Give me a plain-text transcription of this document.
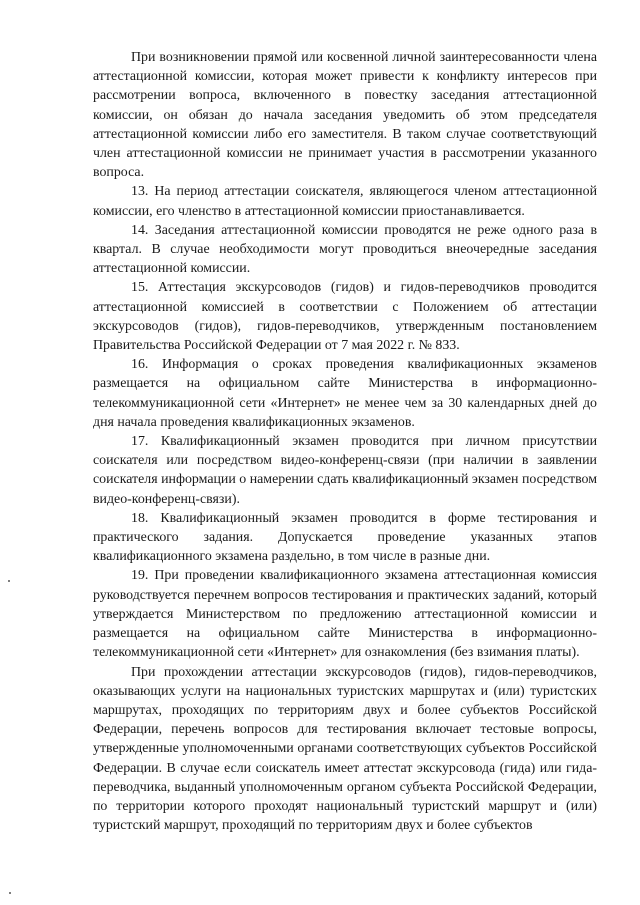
При возникновении прямой или косвенной личной заинтересованности члена аттестационной комиссии, которая может привести к конфликту интересов при рассмотрении вопроса, включенного в повестку заседания аттестационной комиссии, он обязан до начала заседания уведомить об этом председателя аттестационной комиссии либо его заместителя. В таком случае соответствующий член аттестационной комиссии не принимает участия в рассмотрении указанного вопроса.

13. На период аттестации соискателя, являющегося членом аттестационной комиссии, его членство в аттестационной комиссии приостанавливается.

14. Заседания аттестационной комиссии проводятся не реже одного раза в квартал. В случае необходимости могут проводиться внеочередные заседания аттестационной комиссии.

15. Аттестация экскурсоводов (гидов) и гидов-переводчиков проводится аттестационной комиссией в соответствии с Положением об аттестации экскурсоводов (гидов), гидов-переводчиков, утвержденным постановлением Правительства Российской Федерации от 7 мая 2022 г. № 833.

16. Информация о сроках проведения квалификационных экзаменов размещается на официальном сайте Министерства в информационно-телекоммуникационной сети «Интернет» не менее чем за 30 календарных дней до дня начала проведения квалификационных экзаменов.

17. Квалификационный экзамен проводится при личном присутствии соискателя или посредством видео-конференц-связи (при наличии в заявлении соискателя информации о намерении сдать квалификационный экзамен посредством видео-конференц-связи).

18. Квалификационный экзамен проводится в форме тестирования и практического задания. Допускается проведение указанных этапов квалификационного экзамена раздельно, в том числе в разные дни.

19. При проведении квалификационного экзамена аттестационная комиссия руководствуется перечнем вопросов тестирования и практических заданий, который утверждается Министерством по предложению аттестационной комиссии и размещается на официальном сайте Министерства в информационно-телекоммуникационной сети «Интернет» для ознакомления (без взимания платы).

При прохождении аттестации экскурсоводов (гидов), гидов-переводчиков, оказывающих услуги на национальных туристских маршрутах и (или) туристских маршрутах, проходящих по территориям двух и более субъектов Российской Федерации, перечень вопросов для тестирования включает тестовые вопросы, утвержденные уполномоченными органами соответствующих субъектов Российской Федерации. В случае если соискатель имеет аттестат экскурсовода (гида) или гида-переводчика, выданный уполномоченным органом субъекта Российской Федерации, по территории которого проходят национальный туристский маршрут и (или) туристский маршрут, проходящий по территориям двух и более субъектов
